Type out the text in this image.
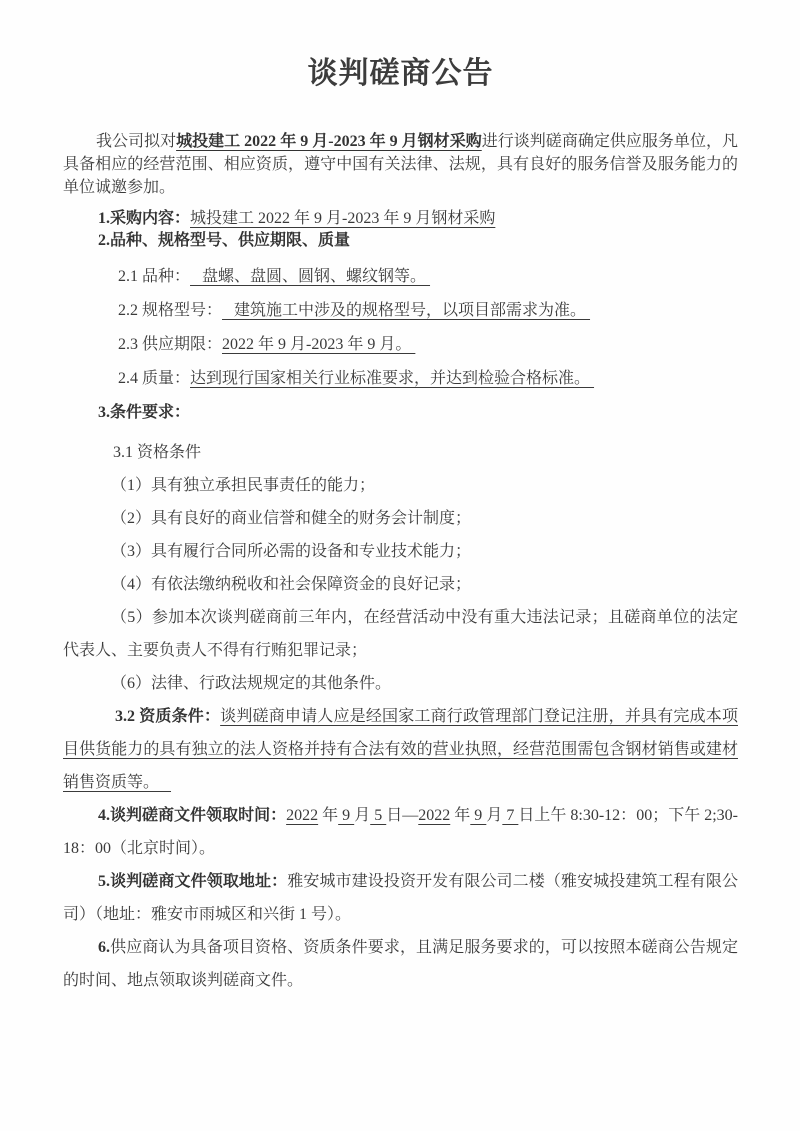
谈判磋商公告

我公司拟对城投建工 2022 年 9 月-2023 年 9 月钢材采购进行谈判磋商确定供应服务单位，凡具备相应的经营范围、相应资质，遵守中国有关法律、法规，具有良好的服务信誉及服务能力的单位诚邀参加。

1.采购内容：城投建工 2022 年 9 月-2023 年 9 月钢材采购

2.品种、规格型号、供应期限、质量

2.1 品种：   盘螺、盘圆、圆钢、螺纹钢等。

2.2 规格型号：   建筑施工中涉及的规格型号，以项目部需求为准。

2.3 供应期限：2022 年 9 月-2023 年 9 月。

2.4 质量：达到现行国家相关行业标准要求，并达到检验合格标准。

3.条件要求：

3.1 资格条件

（1）具有独立承担民事责任的能力；

（2）具有良好的商业信誉和健全的财务会计制度；

（3）具有履行合同所必需的设备和专业技术能力；

（4）有依法缴纳税收和社会保障资金的良好记录；

（5）参加本次谈判磋商前三年内，在经营活动中没有重大违法记录；且磋商单位的法定代表人、主要负责人不得有行贿犯罪记录；

（6）法律、行政法规规定的其他条件。

3.2 资质条件：谈判磋商申请人应是经国家工商行政管理部门登记注册，并具有完成本项目供货能力的具有独立的法人资格并持有合法有效的营业执照，经营范围需包含钢材销售或建材销售资质等。

4.谈判磋商文件领取时间：2022 年 9 月 5 日—2022 年 9 月 7 日上午 8:30-12：00；下午 2;30-18：00（北京时间）。

5.谈判磋商文件领取地址：雅安城市建设投资开发有限公司二楼（雅安城投建筑工程有限公司）（地址：雅安市雨城区和兴街 1 号）。

6.供应商认为具备项目资格、资质条件要求，且满足服务要求的，可以按照本磋商公告规定的时间、地点领取谈判磋商文件。
